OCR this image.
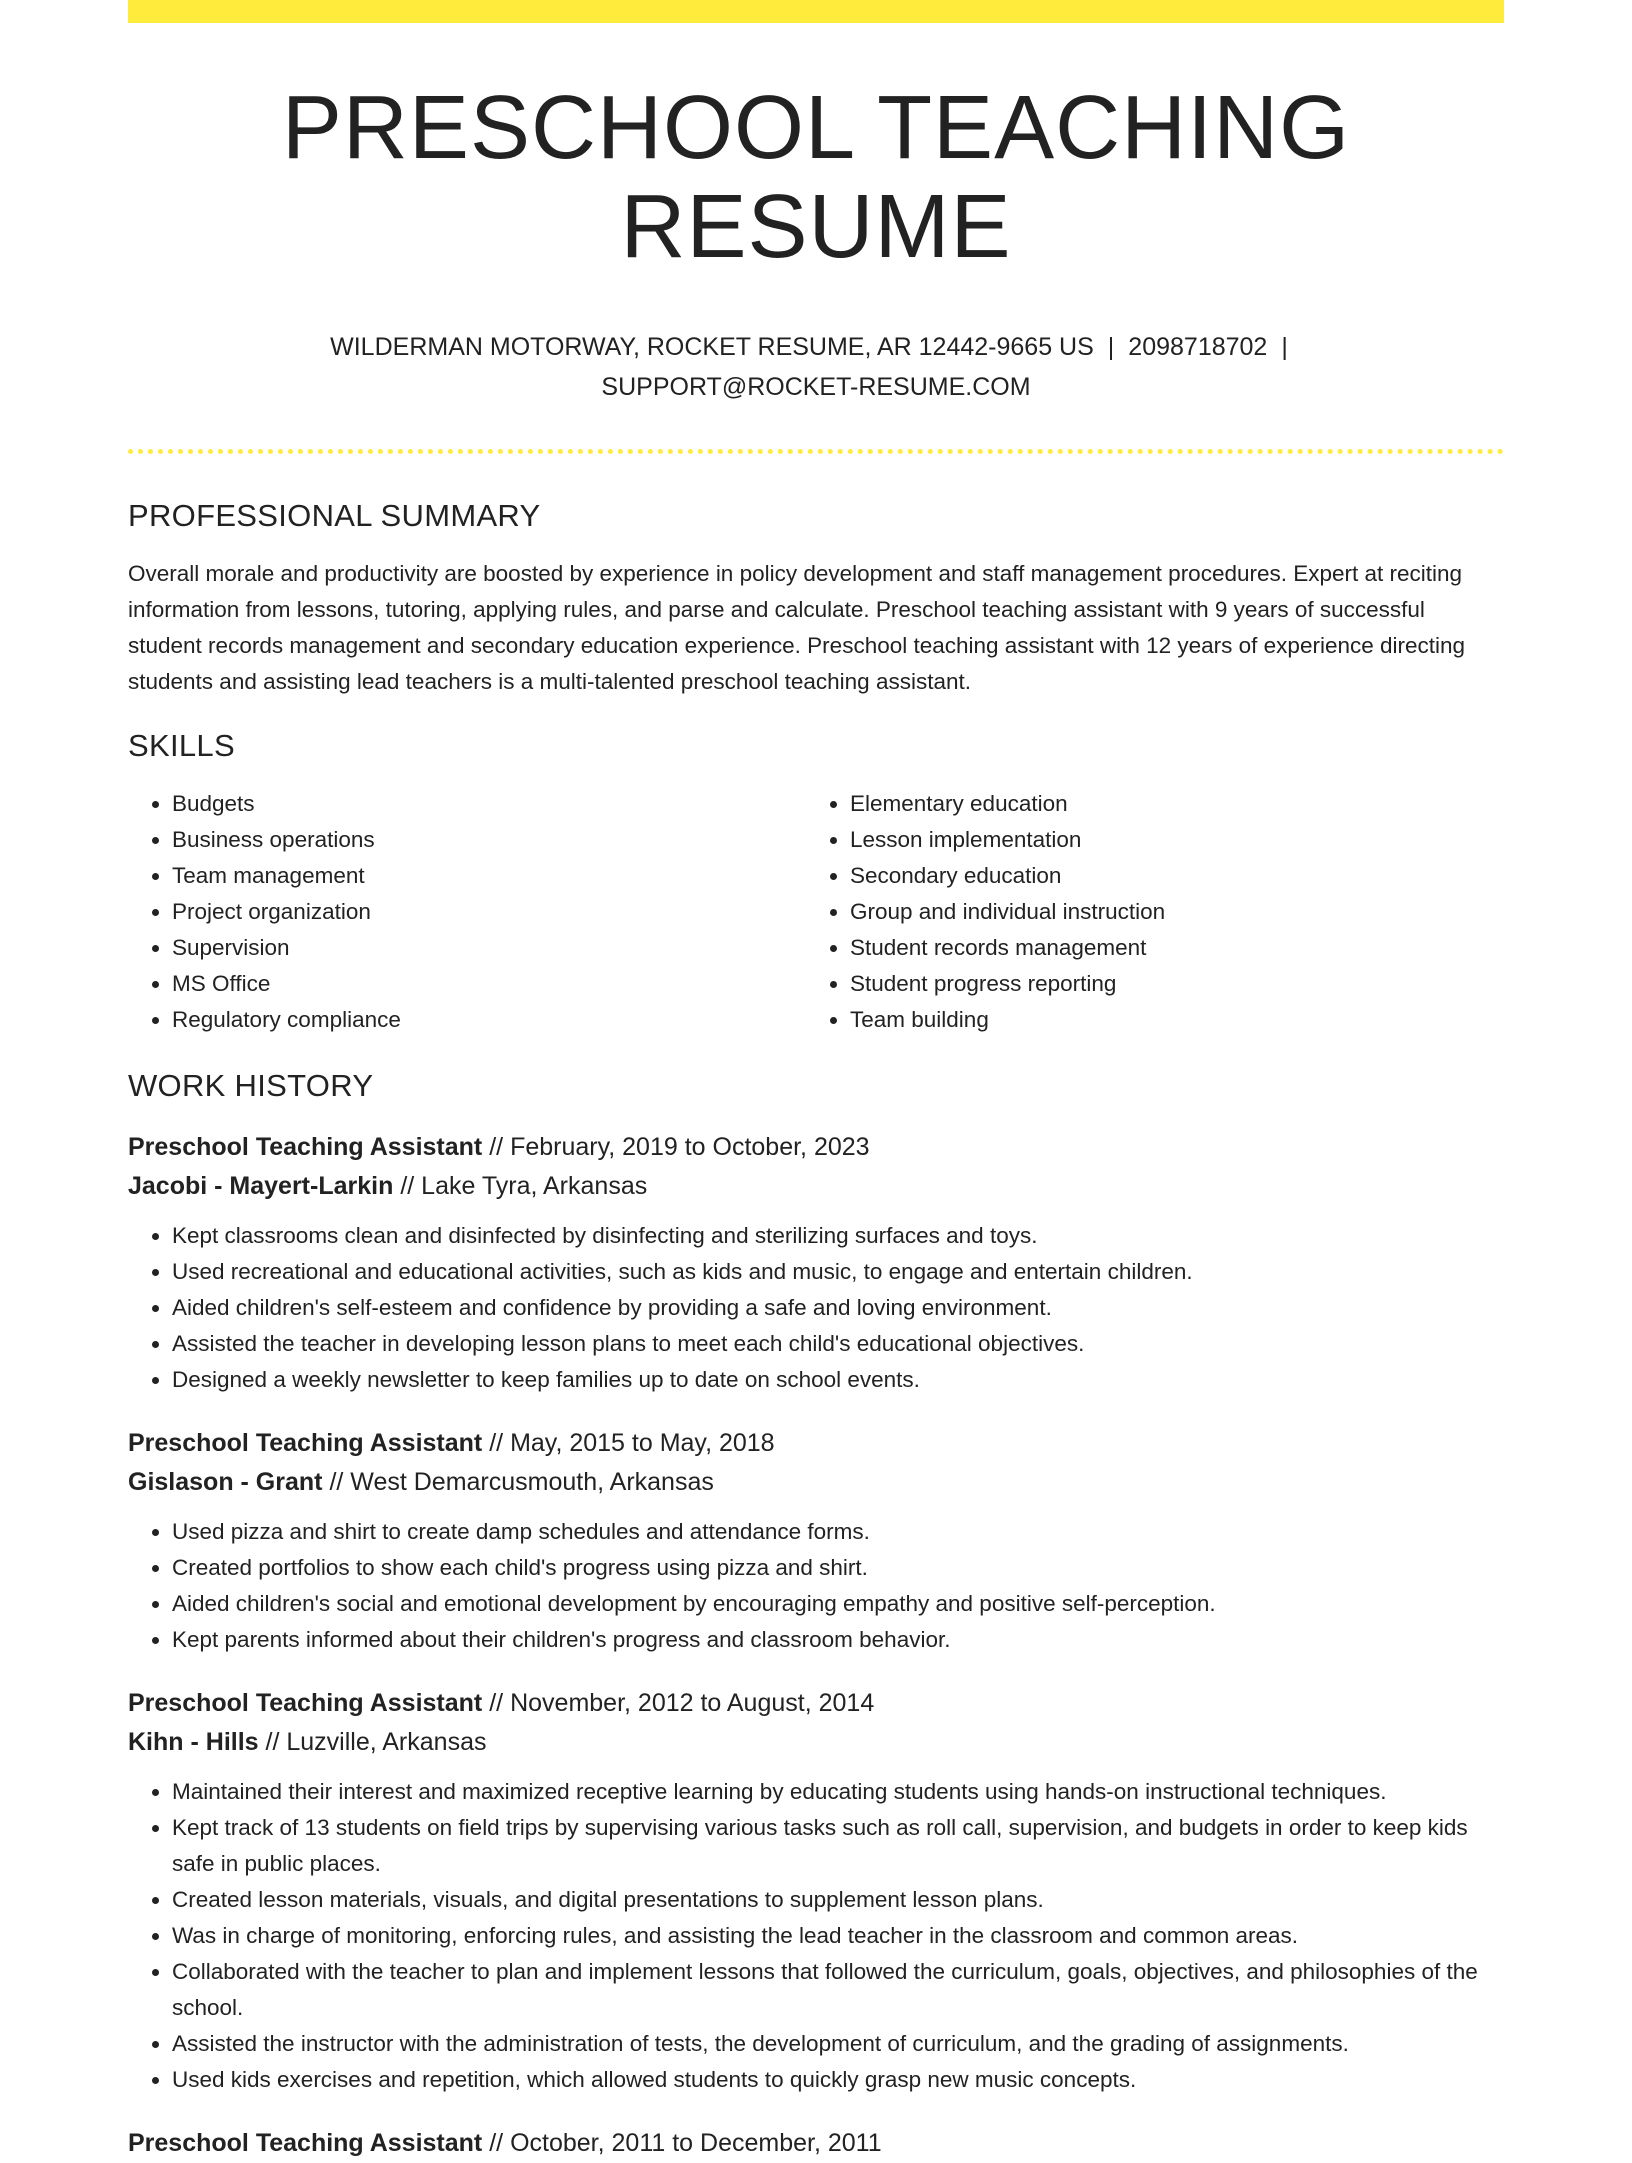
PRESCHOOL TEACHING RESUME
WILDERMAN MOTORWAY, ROCKET RESUME, AR 12442-9665 US | 2098718702 |
SUPPORT@ROCKET-RESUME.COM
PROFESSIONAL SUMMARY
Overall morale and productivity are boosted by experience in policy development and staff management procedures. Expert at reciting information from lessons, tutoring, applying rules, and parse and calculate. Preschool teaching assistant with 9 years of successful student records management and secondary education experience. Preschool teaching assistant with 12 years of experience directing students and assisting lead teachers is a multi-talented preschool teaching assistant.
SKILLS
• Budgets
• Business operations
• Team management
• Project organization
• Supervision
• MS Office
• Regulatory compliance
• Elementary education
• Lesson implementation
• Secondary education
• Group and individual instruction
• Student records management
• Student progress reporting
• Team building
WORK HISTORY
Preschool Teaching Assistant // February, 2019 to October, 2023
Jacobi - Mayert-Larkin // Lake Tyra, Arkansas
• Kept classrooms clean and disinfected by disinfecting and sterilizing surfaces and toys.
• Used recreational and educational activities, such as kids and music, to engage and entertain children.
• Aided children's self-esteem and confidence by providing a safe and loving environment.
• Assisted the teacher in developing lesson plans to meet each child's educational objectives.
• Designed a weekly newsletter to keep families up to date on school events.
Preschool Teaching Assistant // May, 2015 to May, 2018
Gislason - Grant // West Demarcusmouth, Arkansas
• Used pizza and shirt to create damp schedules and attendance forms.
• Created portfolios to show each child's progress using pizza and shirt.
• Aided children's social and emotional development by encouraging empathy and positive self-perception.
• Kept parents informed about their children's progress and classroom behavior.
Preschool Teaching Assistant // November, 2012 to August, 2014
Kihn - Hills // Luzville, Arkansas
• Maintained their interest and maximized receptive learning by educating students using hands-on instructional techniques.
• Kept track of 13 students on field trips by supervising various tasks such as roll call, supervision, and budgets in order to keep kids safe in public places.
• Created lesson materials, visuals, and digital presentations to supplement lesson plans.
• Was in charge of monitoring, enforcing rules, and assisting the lead teacher in the classroom and common areas.
• Collaborated with the teacher to plan and implement lessons that followed the curriculum, goals, objectives, and philosophies of the school.
• Assisted the instructor with the administration of tests, the development of curriculum, and the grading of assignments.
• Used kids exercises and repetition, which allowed students to quickly grasp new music concepts.
Preschool Teaching Assistant // October, 2011 to December, 2011
